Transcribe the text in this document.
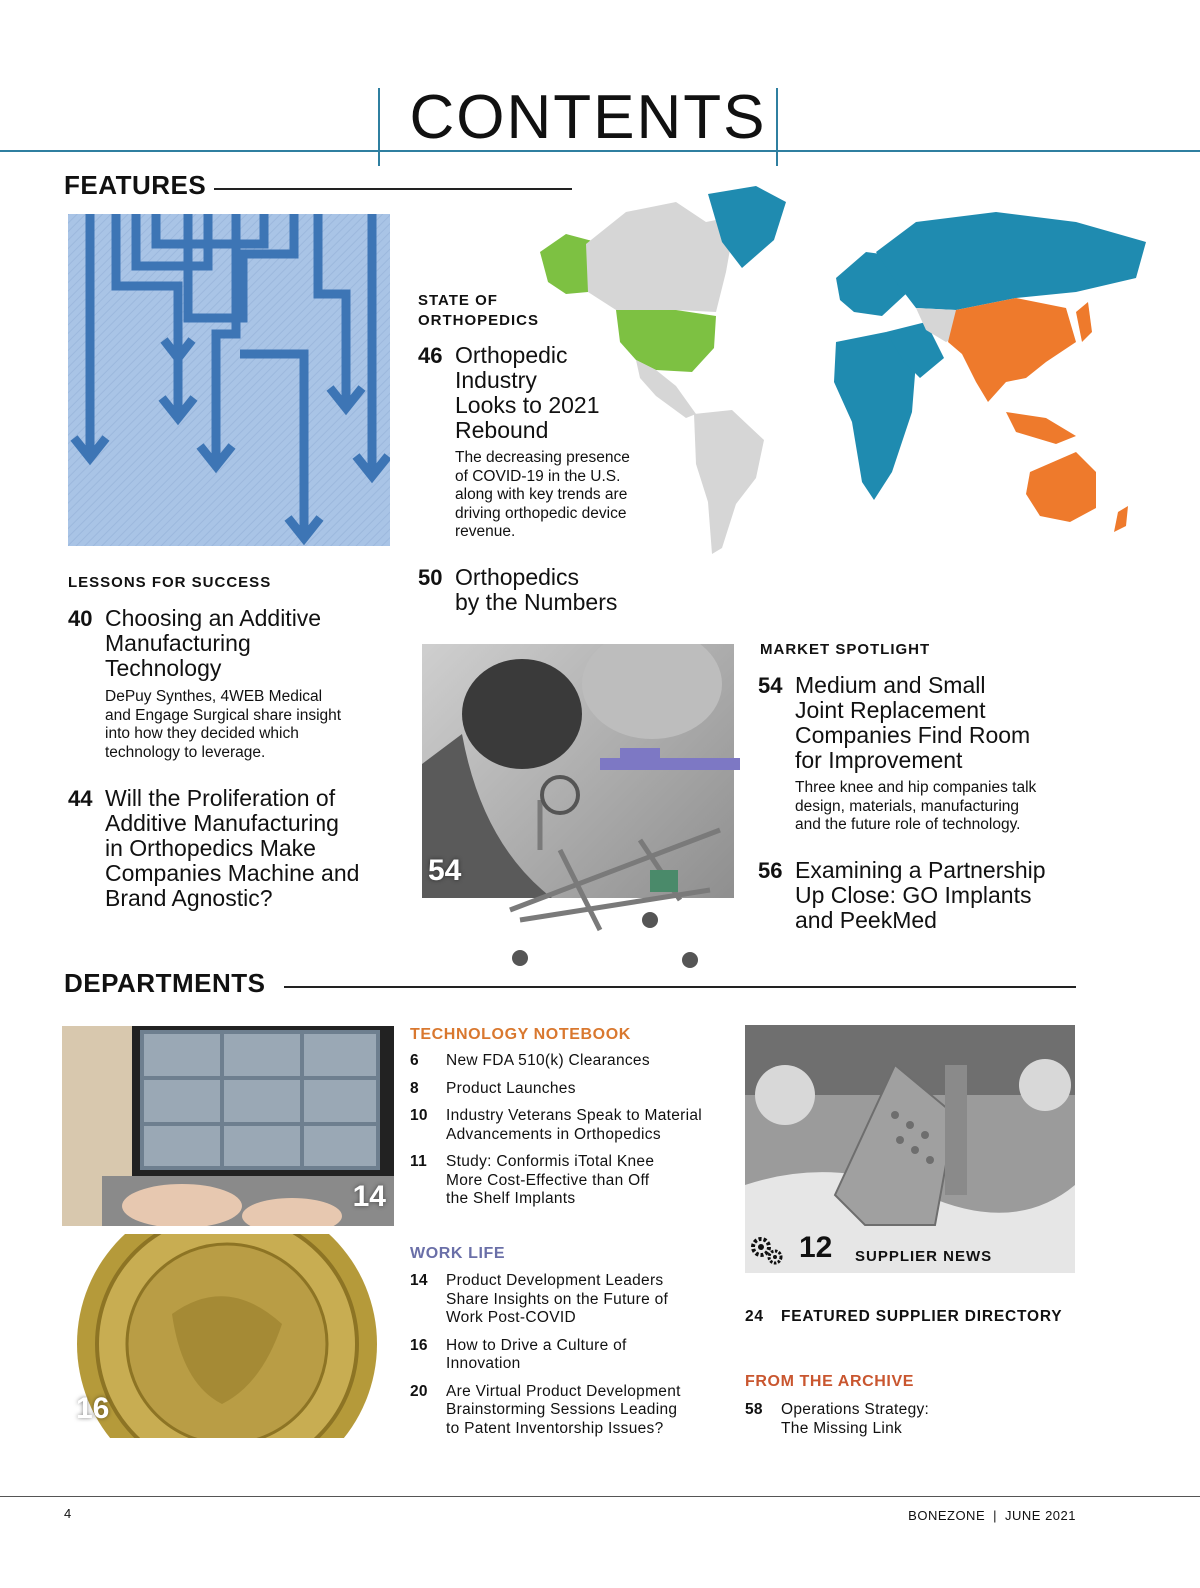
CONTENTS
FEATURES
STATE OF
ORTHOPEDICS
46 Orthopedic
Industry
Looks to 2021
Rebound
The decreasing presence
of COVID-19 in the U.S.
along with key trends are
driving orthopedic device
revenue.
50 Orthopedics
by the Numbers
LESSONS FOR SUCCESS
40 Choosing an Additive
Manufacturing
Technology
DePuy Synthes, 4WEB Medical
and Engage Surgical share insight
into how they decided which
technology to leverage.
44 Will the Proliferation of
Additive Manufacturing
in Orthopedics Make
Companies Machine and
Brand Agnostic?
54
MARKET SPOTLIGHT
54 Medium and Small
Joint Replacement
Companies Find Room
for Improvement
Three knee and hip companies talk
design, materials, manufacturing
and the future role of technology.
56 Examining a Partnership
Up Close: GO Implants
and PeekMed
DEPARTMENTS
14
16
TECHNOLOGY NOTEBOOK
6	New FDA 510(k) Clearances
8	Product Launches
10	Industry Veterans Speak to Material
Advancements in Orthopedics
11	Study: Conformis iTotal Knee
More Cost-Effective than Off
the Shelf Implants
WORK LIFE
14	Product Development Leaders
Share Insights on the Future of
Work Post-COVID
16	How to Drive a Culture of
Innovation
20	Are Virtual Product Development
Brainstorming Sessions Leading
to Patent Inventorship Issues?
12 SUPPLIER NEWS
24	FEATURED SUPPLIER DIRECTORY
FROM THE ARCHIVE
58	Operations Strategy:
The Missing Link
4	BONEZONE | JUNE 2021
